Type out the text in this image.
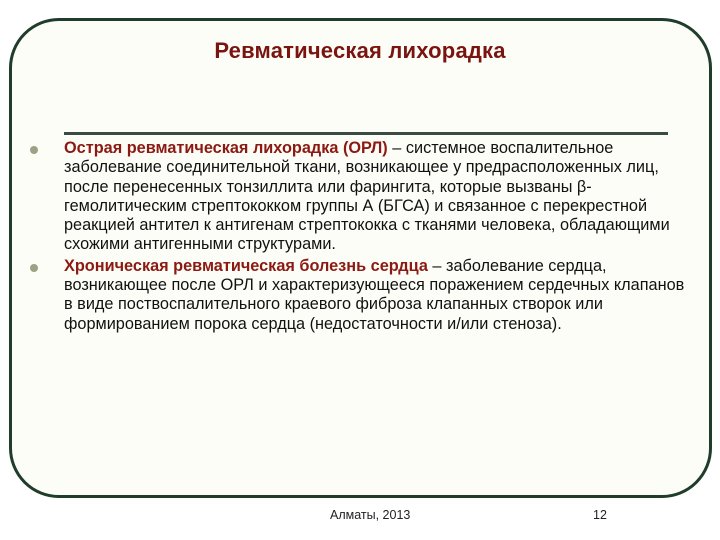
Ревматическая лихорадка
Острая ревматическая лихорадка (ОРЛ) – системное воспалительное заболевание соединительной ткани, возникающее у предрасположенных лиц, после перенесенных тонзиллита или фарингита, которые вызваны β-гемолитическим стрептококком группы А (БГСА) и связанное с перекрестной реакцией антител к антигенам стрептококка с тканями человека, обладающими схожими антигенными структурами.
Хроническая ревматическая болезнь сердца – заболевание сердца, возникающее после ОРЛ и характеризующееся поражением сердечных клапанов в виде поствоспалительного краевого фиброза клапанных створок или формированием порока сердца (недостаточности и/или стеноза).
Алматы, 2013	12
